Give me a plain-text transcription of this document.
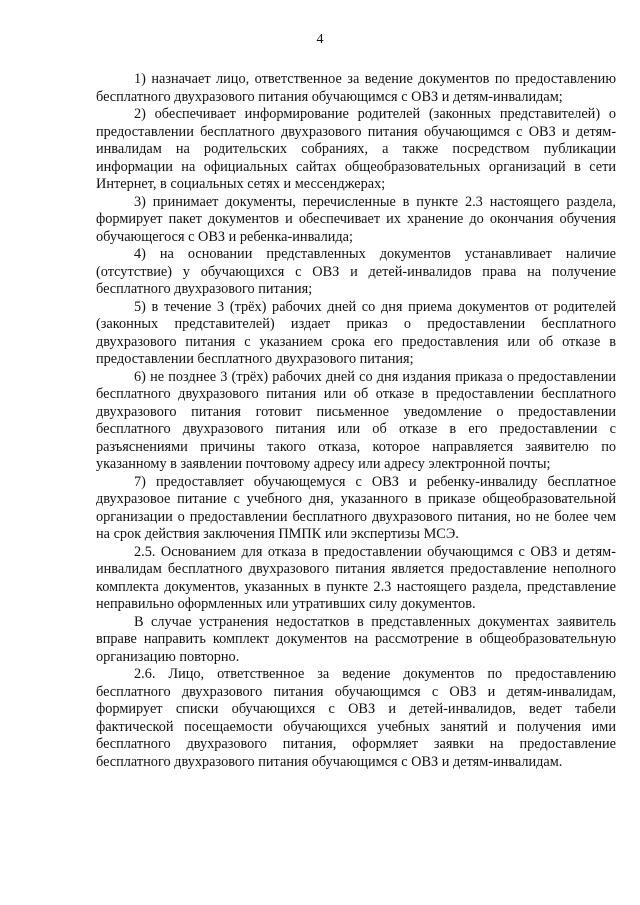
4

1) назначает лицо, ответственное за ведение документов по предоставлению бесплатного двухразового питания обучающимся с ОВЗ и детям-инвалидам;

2) обеспечивает информирование родителей (законных представителей) о предоставлении бесплатного двухразового питания обучающимся с ОВЗ и детям-инвалидам на родительских собраниях, а также посредством публикации информации на официальных сайтах общеобразовательных организаций в сети Интернет, в социальных сетях и мессенджерах;

3) принимает документы, перечисленные в пункте 2.3 настоящего раздела, формирует пакет документов и обеспечивает их хранение до окончания обучения обучающегося с ОВЗ и ребенка-инвалида;

4) на основании представленных документов устанавливает наличие (отсутствие) у обучающихся с ОВЗ и детей-инвалидов права на получение бесплатного двухразового питания;

5) в течение 3 (трёх) рабочих дней со дня приема документов от родителей (законных представителей) издает приказ о предоставлении бесплатного двухразового питания с указанием срока его предоставления или об отказе в предоставлении бесплатного двухразового питания;

6) не позднее 3 (трёх) рабочих дней со дня издания приказа о предоставлении бесплатного двухразового питания или об отказе в предоставлении бесплатного двухразового питания готовит письменное уведомление о предоставлении бесплатного двухразового питания или об отказе в его предоставлении с разъяснениями причины такого отказа, которое направляется заявителю по указанному в заявлении почтовому адресу или адресу электронной почты;

7) предоставляет обучающемуся с ОВЗ и ребенку-инвалиду бесплатное двухразовое питание с учебного дня, указанного в приказе общеобразовательной организации о предоставлении бесплатного двухразового питания, но не более чем на срок действия заключения ПМПК или экспертизы МСЭ.

2.5. Основанием для отказа в предоставлении обучающимся с ОВЗ и детям-инвалидам бесплатного двухразового питания является предоставление неполного комплекта документов, указанных в пункте 2.3 настоящего раздела, представление неправильно оформленных или утративших силу документов.

В случае устранения недостатков в представленных документах заявитель вправе направить комплект документов на рассмотрение в общеобразовательную организацию повторно.

2.6. Лицо, ответственное за ведение документов по предоставлению бесплатного двухразового питания обучающимся с ОВЗ и детям-инвалидам, формирует списки обучающихся с ОВЗ и детей-инвалидов, ведет табели фактической посещаемости обучающихся учебных занятий и получения ими бесплатного двухразового питания, оформляет заявки на предоставление бесплатного двухразового питания обучающимся с ОВЗ и детям-инвалидам.
